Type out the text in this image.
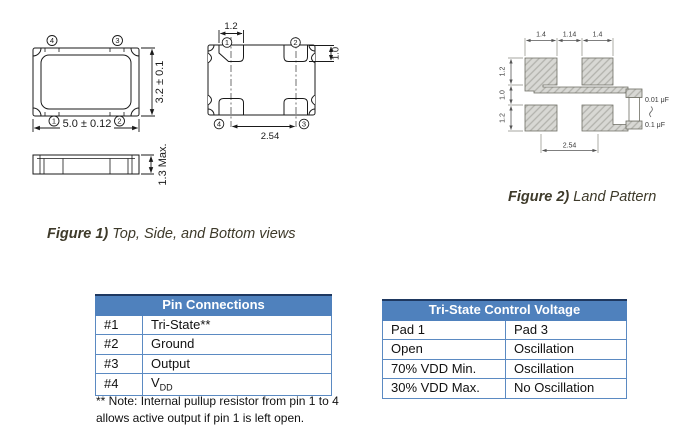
5.0 ± 0.12
3.2 ± 0.1
1.3 Max.
4	3
1	2
1.2
1.0
2.54
1	2
4	3
1.4 1.14 1.4
1.2
1.0
1.2
2.54
0.01 μF
0.1 μF
Figure 1) Top, Side, and Bottom views
Figure 2) Land Pattern
Pin Connections	
#1	Tri-State**
#2	Ground
#3	Output
#4	$V_{DD}$
** Note: Internal pullup resistor from pin 1 to 4
allows active output if pin 1 is left open.
Tri-State Control Voltage	
Pad 1	Pad 3
Open	Oscillation
70% VDD Min.	Oscillation
30% VDD Max.	No Oscillation
